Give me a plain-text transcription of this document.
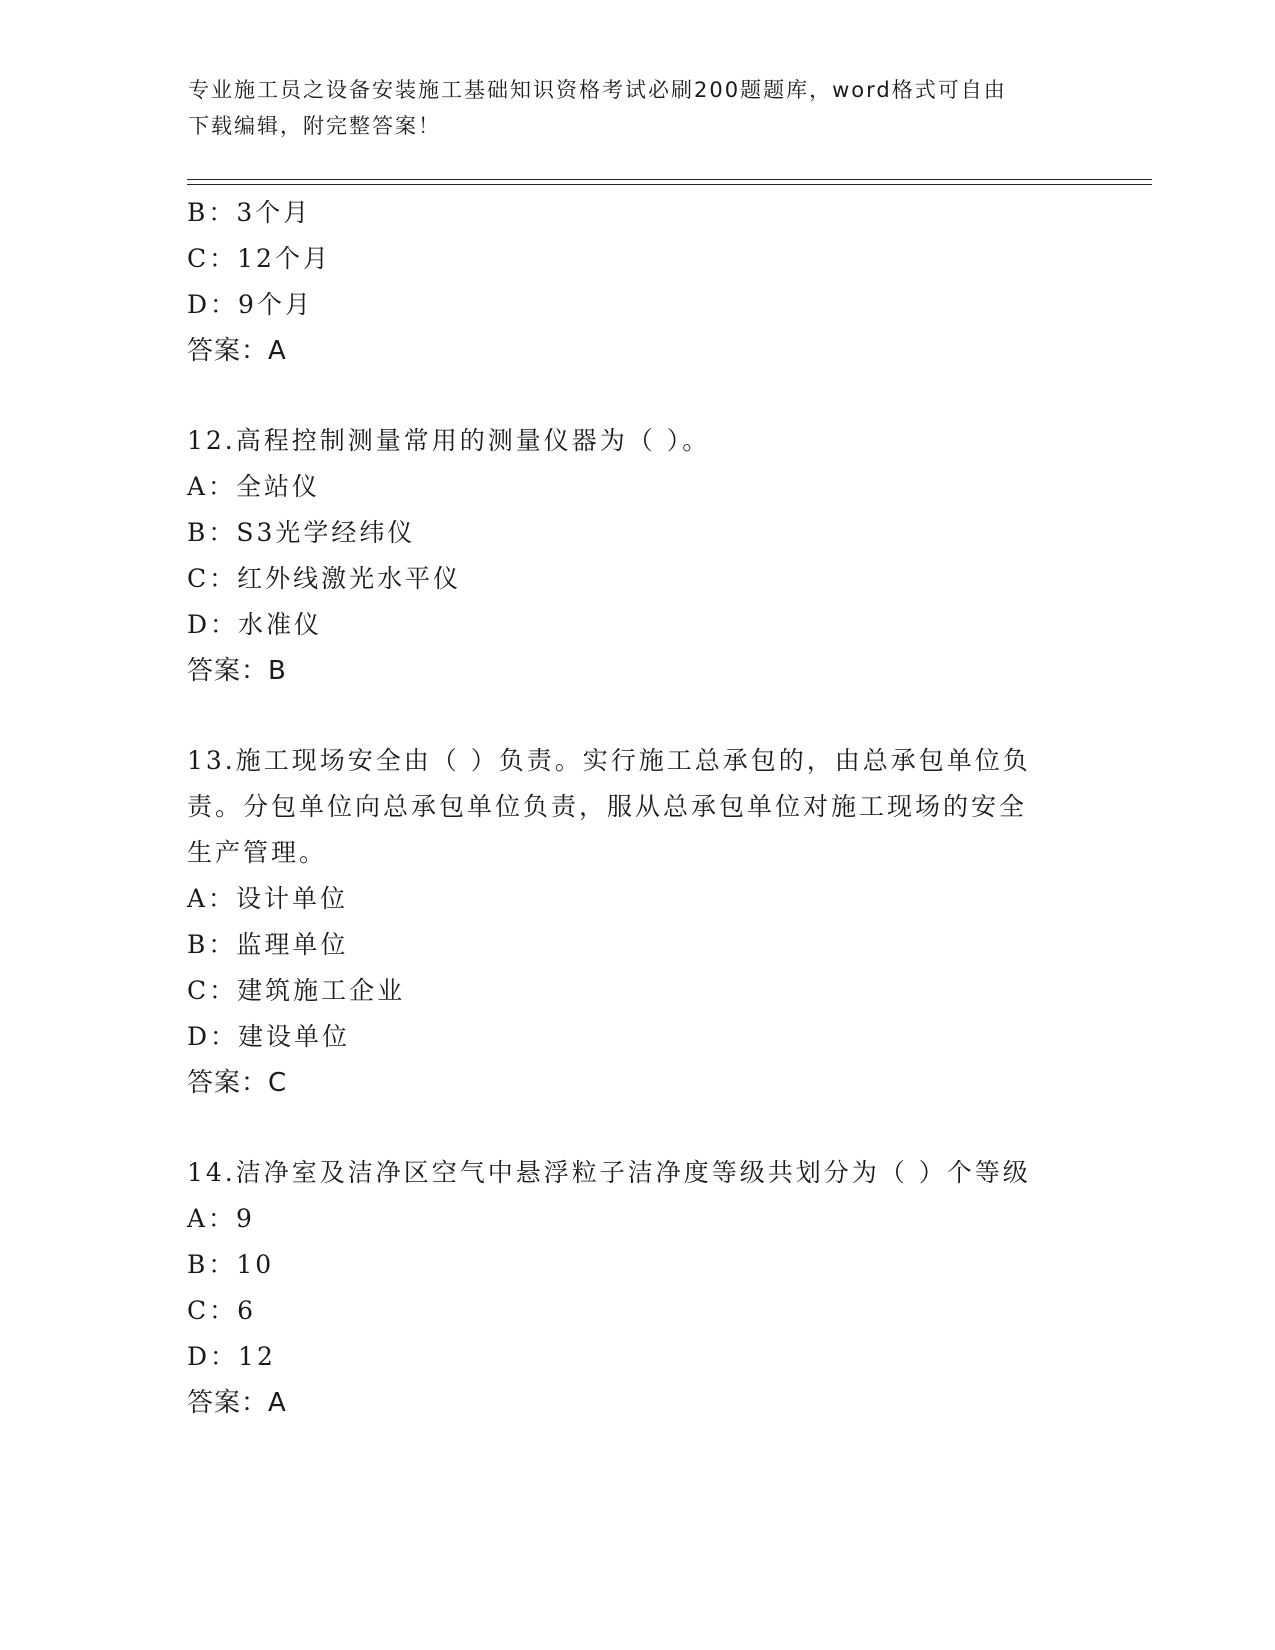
专业施工员之设备安装施工基础知识资格考试必刷200题题库，word格式可自由
下载编辑，附完整答案！
B：3个月
C：12个月
D：9个月
答案：A
12.高程控制测量常用的测量仪器为（ ）。
A：全站仪
B：S3光学经纬仪
C：红外线激光水平仪
D：水准仪
答案：B
13.施工现场安全由（ ）负责。实行施工总承包的，由总承包单位负
责。分包单位向总承包单位负责，服从总承包单位对施工现场的安全
生产管理。
A：设计单位
B：监理单位
C：建筑施工企业
D：建设单位
答案：C
14.洁净室及洁净区空气中悬浮粒子洁净度等级共划分为（ ）个等级
A：9
B：10
C：6
D：12
答案：A
